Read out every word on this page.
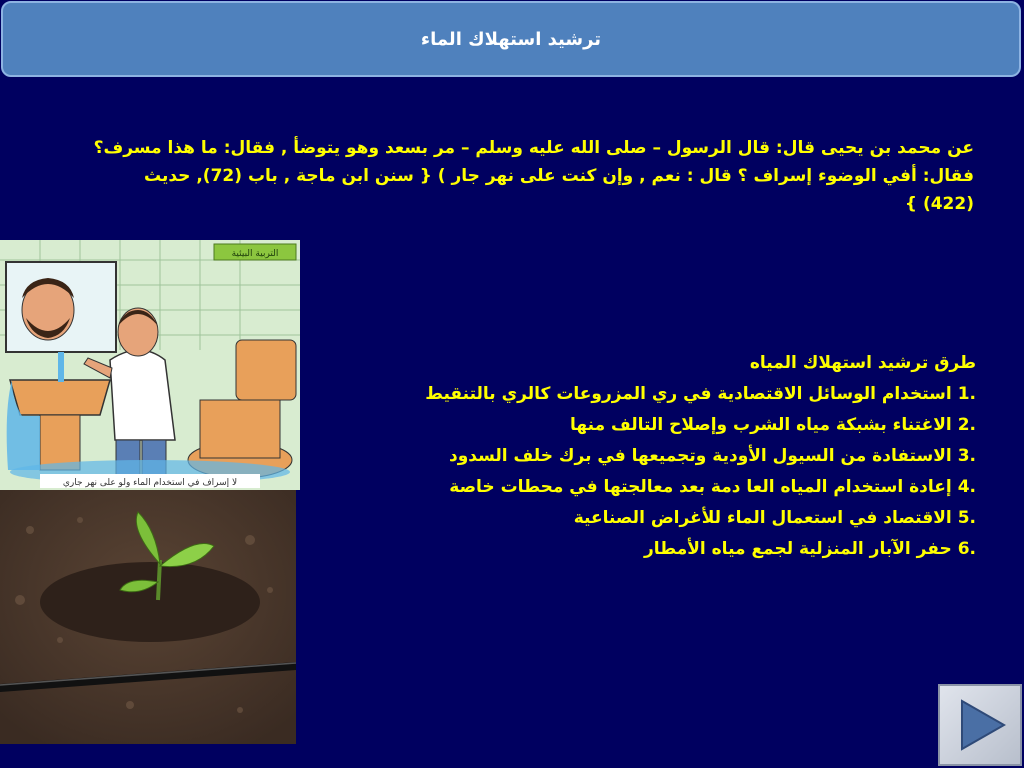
ترشيد استهلاك الماء
عن محمد بن يحيى قال: قال الرسول – صلى الله عليه وسلم – مر بسعد وهو يتوضأ , فقال: ما هذا مسرف؟ فقال: أفي الوضوء إسراف ؟ قال : نعم , وإن كنت على نهر جار ) { سنن ابن ماجة , باب (72), حديث (422) }
طرق ترشيد استهلاك المياه
1.استخدام الوسائل الاقتصادية في ري المزروعات كالري بالتنقيط
2.الاغتناء بشبكة مياه الشرب وإصلاح التالف منها
3.الاستفادة من السيول الأودية وتجميعها في برك خلف السدود
4.إعادة استخدام المياه العا دمة بعد معالجتها في محطات خاصة
5.الاقتصاد في استعمال الماء للأغراض الصناعية
6.حفر الآبار المنزلية لجمع مياه الأمطار
التربية البيئية
لا إسراف في استخدام الماء ولو على نهر جاري
